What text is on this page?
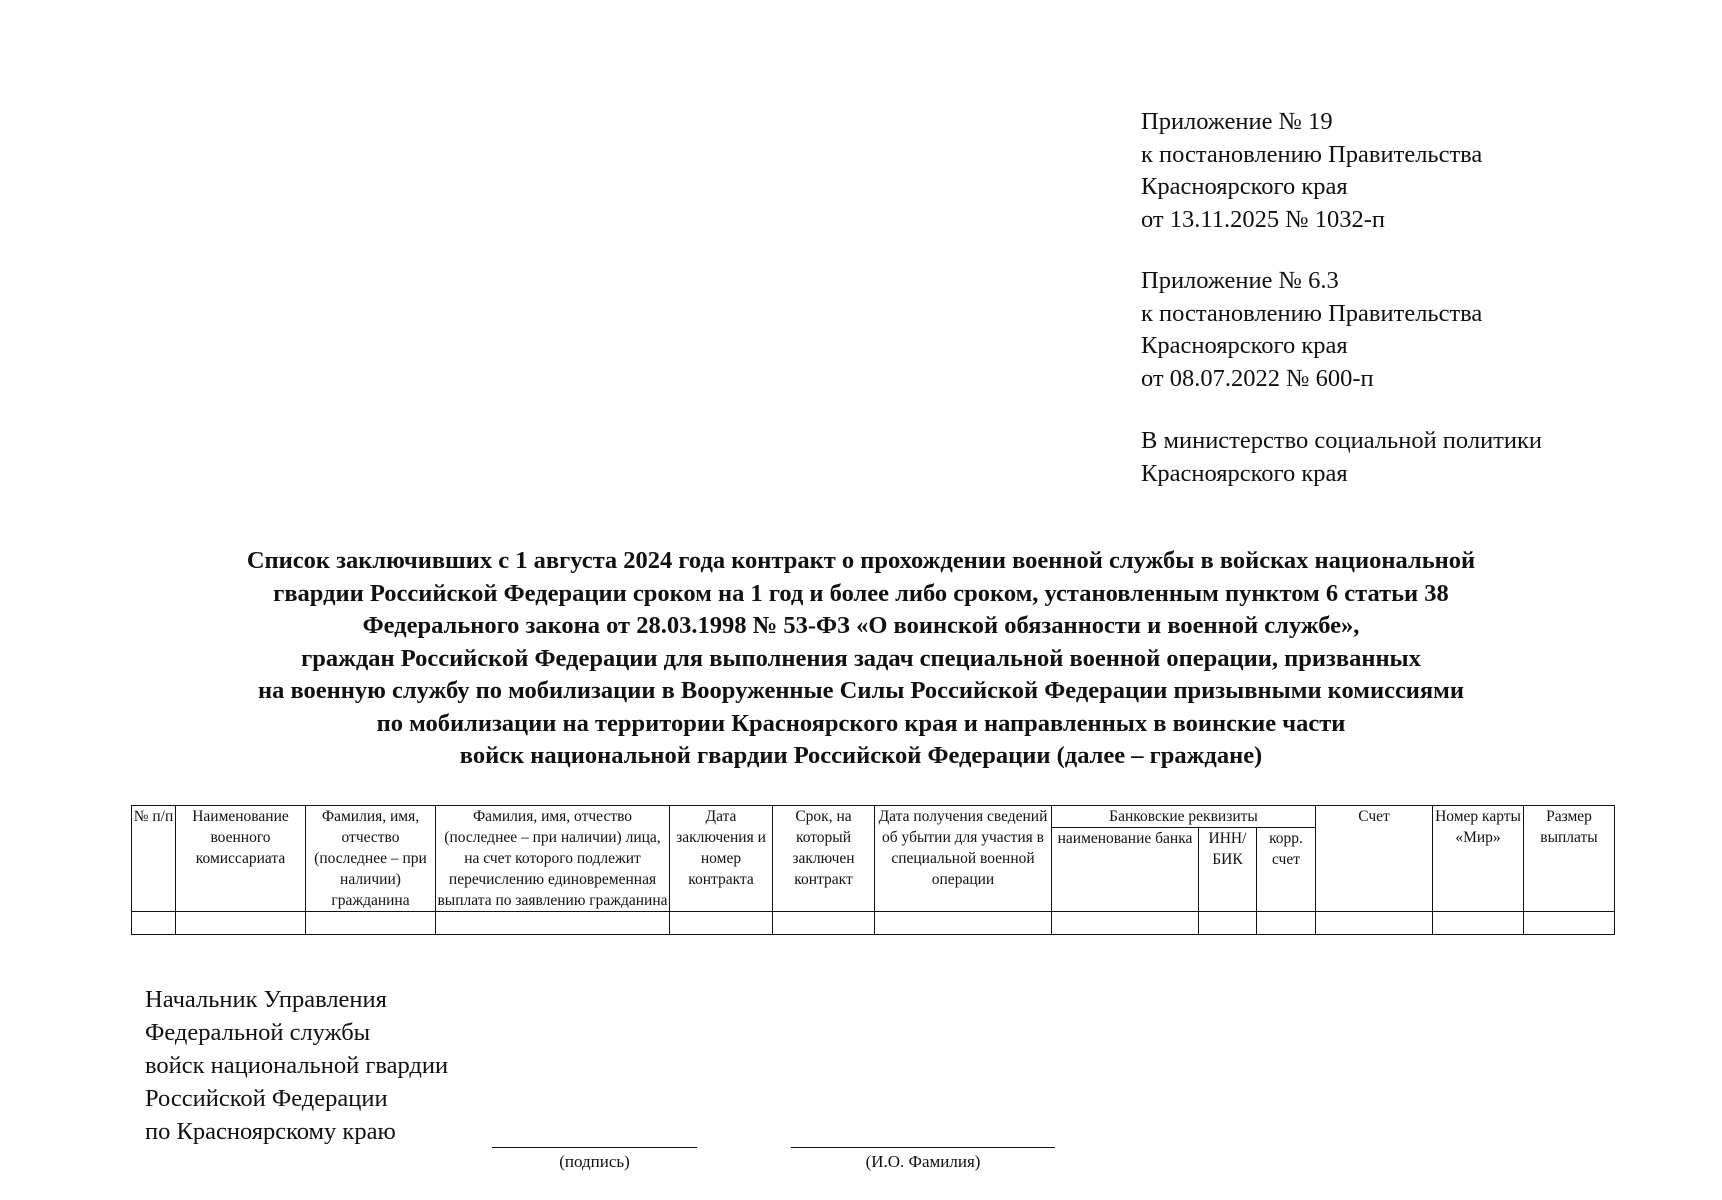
Приложение № 19
к постановлению Правительства
Красноярского края
от 13.11.2025 № 1032-п
Приложение № 6.3
к постановлению Правительства
Красноярского края
от 08.07.2022 № 600-п
В министерство социальной политики
Красноярского края
Список заключивших с 1 августа 2024 года контракт о прохождении военной службы в войсках национальной
гвардии Российской Федерации сроком на 1 год и более либо сроком, установленным пунктом 6 статьи 38
Федерального закона от 28.03.1998 № 53-ФЗ «О воинской обязанности и военной службе»,
граждан Российской Федерации для выполнения задач специальной военной операции, призванных
на военную службу по мобилизации в Вооруженные Силы Российской Федерации призывными комиссиями
по мобилизации на территории Красноярского края и направленных в воинские части
войск национальной гвардии Российской Федерации (далее – граждане)
№ п/п	Наименование военного комиссариата	Фамилия, имя, отчество (последнее – при наличии) гражданина	Фамилия, имя, отчество (последнее – при наличии) лица, на счет которого подлежит перечислению единовременная выплата по заявлению гражданина	Дата заключения и номер контракта	Срок, на который заключен контракт	Дата получения сведений об убытии для участия в специальной военной операции	Банковские реквизиты			Счет	Номер карты «Мир»	Размер выплаты
							наименование банка	ИНН/ БИК	корр. счет			

Начальник Управления
Федеральной службы
войск национальной гвардии
Российской Федерации
по Красноярскому краю
(подпись)	(И.О. Фамилия)
